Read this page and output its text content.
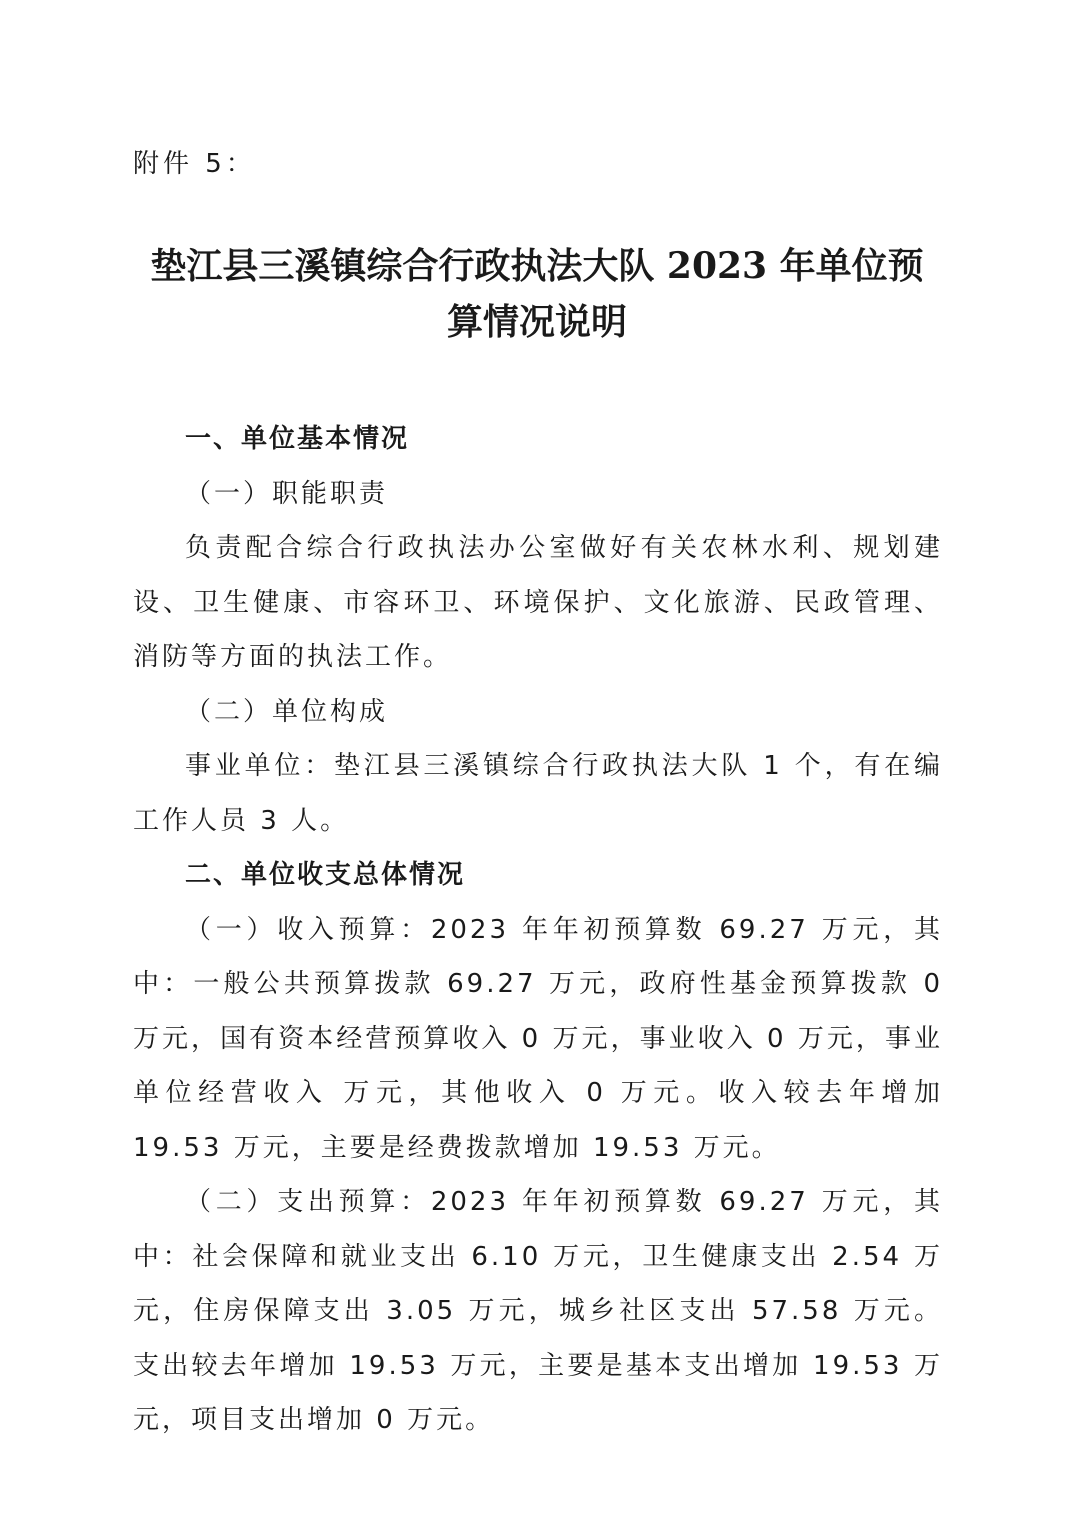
附件 5：
垫江县三溪镇综合行政执法大队 2023 年单位预
算情况说明

一、单位基本情况

（一）职能职责

负责配合综合行政执法办公室做好有关农林水利、规划建设、卫生健康、市容环卫、环境保护、文化旅游、民政管理、消防等方面的执法工作。

（二）单位构成

事业单位：垫江县三溪镇综合行政执法大队 1 个，有在编工作人员 3 人。

二、单位收支总体情况

（一）收入预算：2023 年年初预算数 69.27 万元，其中：一般公共预算拨款 69.27 万元，政府性基金预算拨款 0 万元，国有资本经营预算收入 0 万元，事业收入 0 万元，事业单位经营收入 万元，其他收入 0 万元。收入较去年增加 19.53 万元，主要是经费拨款增加 19.53 万元。

（二）支出预算：2023 年年初预算数 69.27 万元，其中：社会保障和就业支出 6.10 万元，卫生健康支出 2.54 万元，住房保障支出 3.05 万元，城乡社区支出 57.58 万元。支出较去年增加 19.53 万元，主要是基本支出增加 19.53 万元，项目支出增加 0 万元。
